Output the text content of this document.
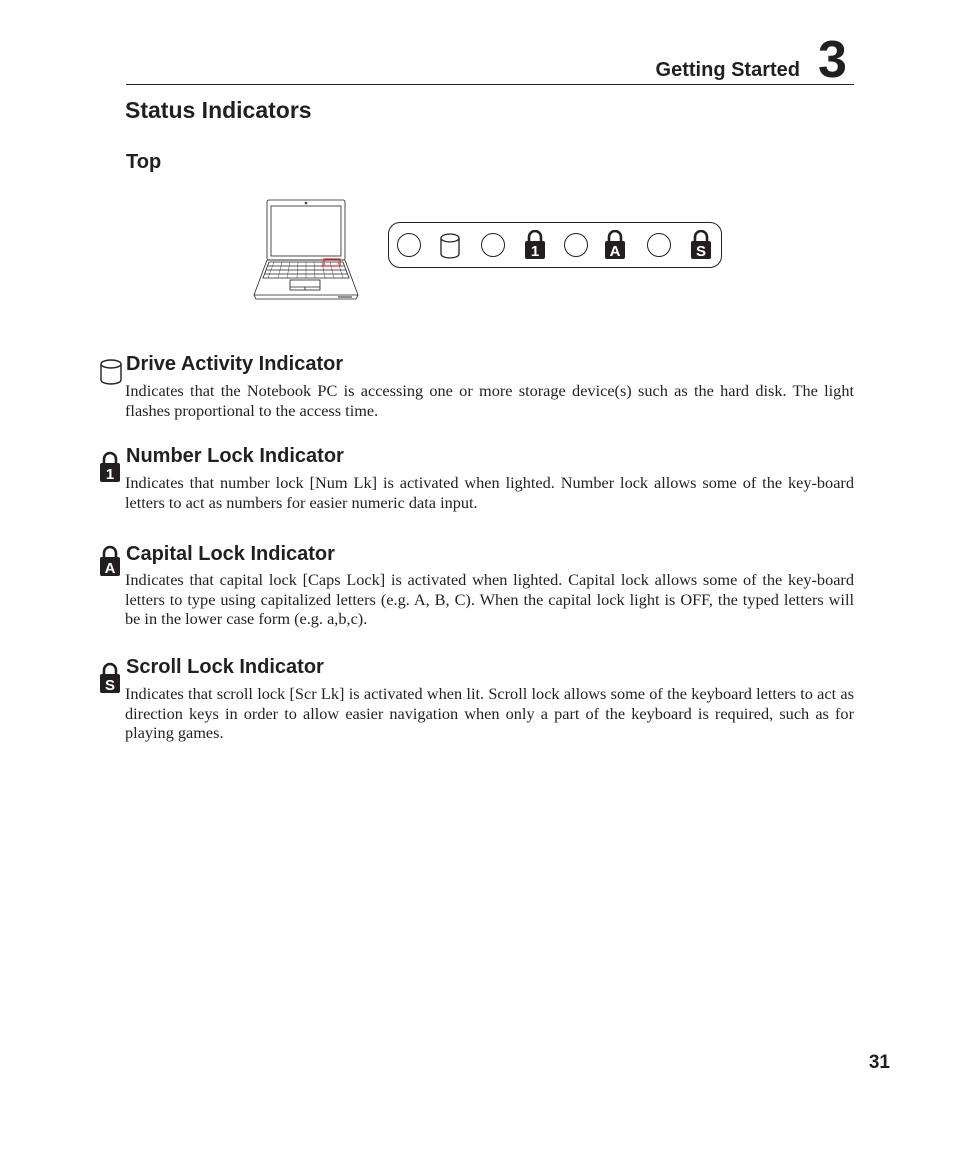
Getting Started 3
Status Indicators
Top
1	A	S
Drive Activity Indicator

Indicates that the Notebook PC is accessing one or more storage device(s) such as the hard disk. The light flashes proportional to the access time.

1
Number Lock Indicator

Indicates that number lock [Num Lk] is activated when lighted. Number lock allows some of the key-board letters to act as numbers for easier numeric data input.

A
Capital Lock Indicator

Indicates that capital lock [Caps Lock] is activated when lighted. Capital lock allows some of the key-board letters to type using capitalized letters (e.g. A, B, C). When the capital lock light is OFF, the typed letters will be in the lower case form (e.g. a,b,c).

S
Scroll Lock Indicator

Indicates that scroll lock [Scr Lk] is activated when lit. Scroll lock allows some of the keyboard letters to act as direction keys in order to allow easier navigation when only a part of the keyboard is required, such as for playing games.

31
